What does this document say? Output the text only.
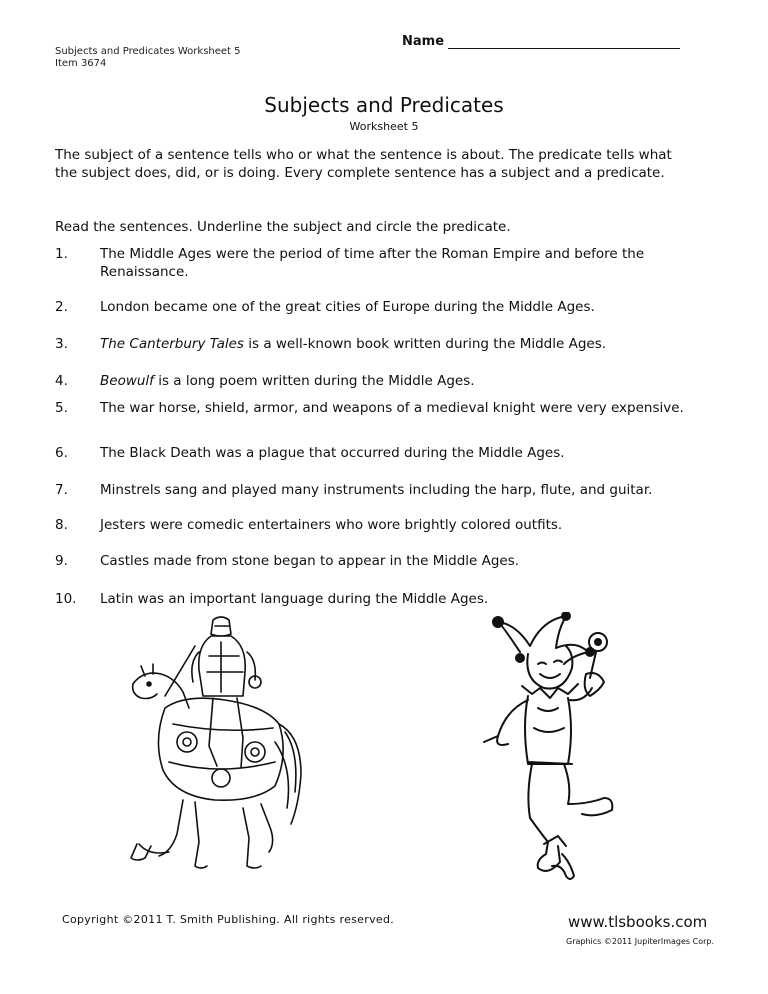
Name
Subjects and Predicates Worksheet 5
Item 3674
Subjects and Predicates
Worksheet 5
The subject of a sentence tells who or what the sentence is about. The predicate tells what the subject does, did, or is doing. Every complete sentence has a subject and a predicate.
Read the sentences. Underline the subject and circle the predicate.
1. The Middle Ages were the period of time after the Roman Empire and before the Renaissance.
2. London became one of the great cities of Europe during the Middle Ages.
3. The Canterbury Tales is a well-known book written during the Middle Ages.
4. Beowulf is a long poem written during the Middle Ages.
5. The war horse, shield, armor, and weapons of a medieval knight were very expensive.
6. The Black Death was a plague that occurred during the Middle Ages.
7. Minstrels sang and played many instruments including the harp, flute, and guitar.
8. Jesters were comedic entertainers who wore brightly colored outfits.
9. Castles made from stone began to appear in the Middle Ages.
10. Latin was an important language during the Middle Ages.
Copyright ©2011 T. Smith Publishing. All rights reserved.	www.tlsbooks.com
Graphics ©2011 JupiterImages Corp.
